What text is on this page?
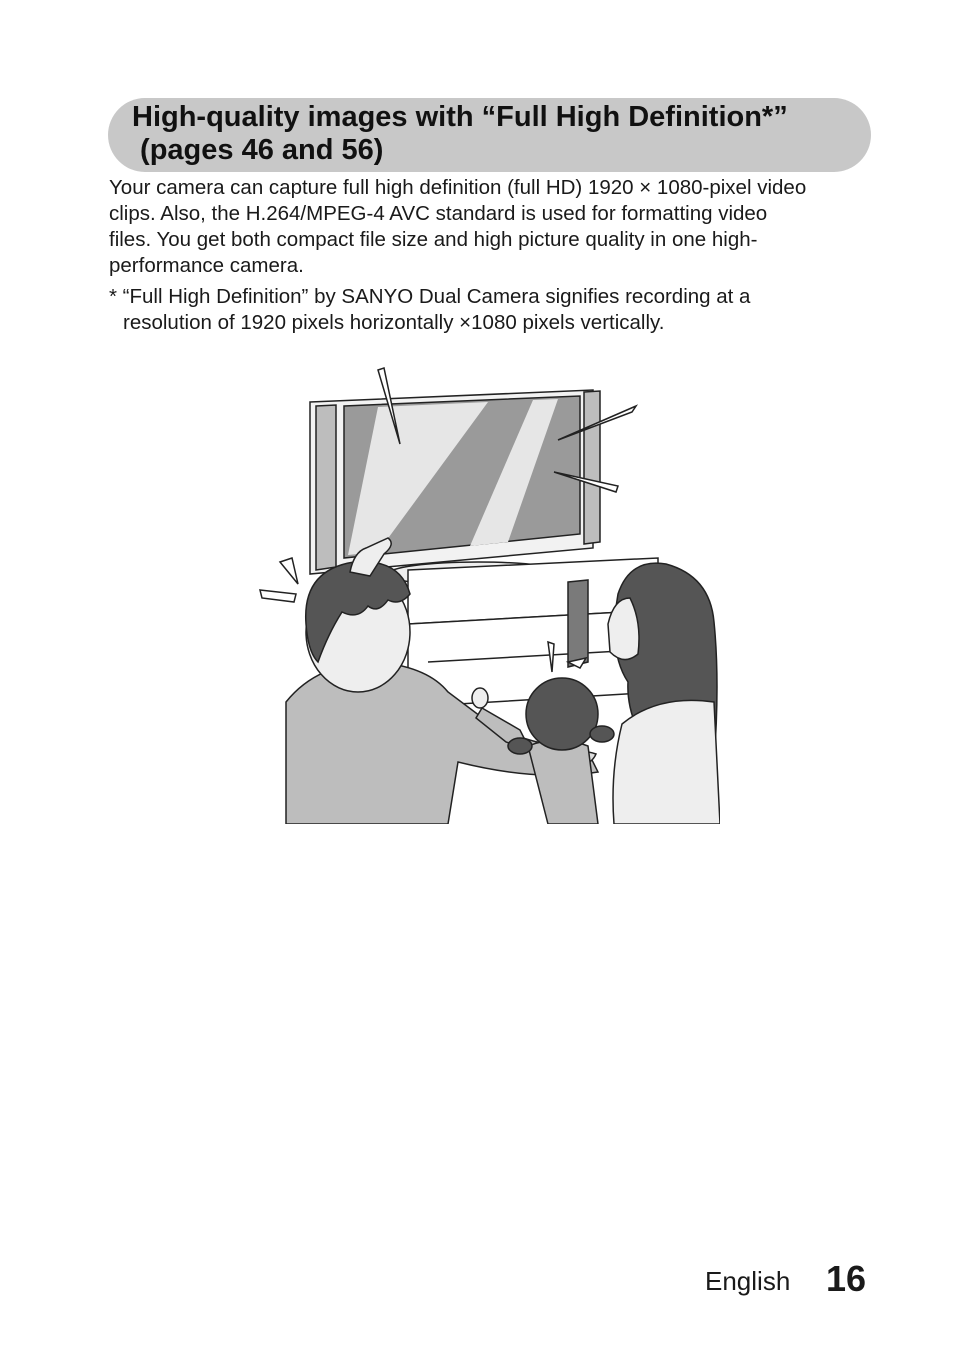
High-quality images with “Full High Definition*”
(pages 46 and 56)

Your camera can capture full high definition (full HD) 1920 × 1080-pixel video
clips. Also, the H.264/MPEG-4 AVC standard is used for formatting video
files. You get both compact file size and high picture quality in one high-
performance camera.

* “Full High Definition” by SANYO Dual Camera signifies recording at a
resolution of 1920 pixels horizontally ×1080 pixels vertically.

English 16
